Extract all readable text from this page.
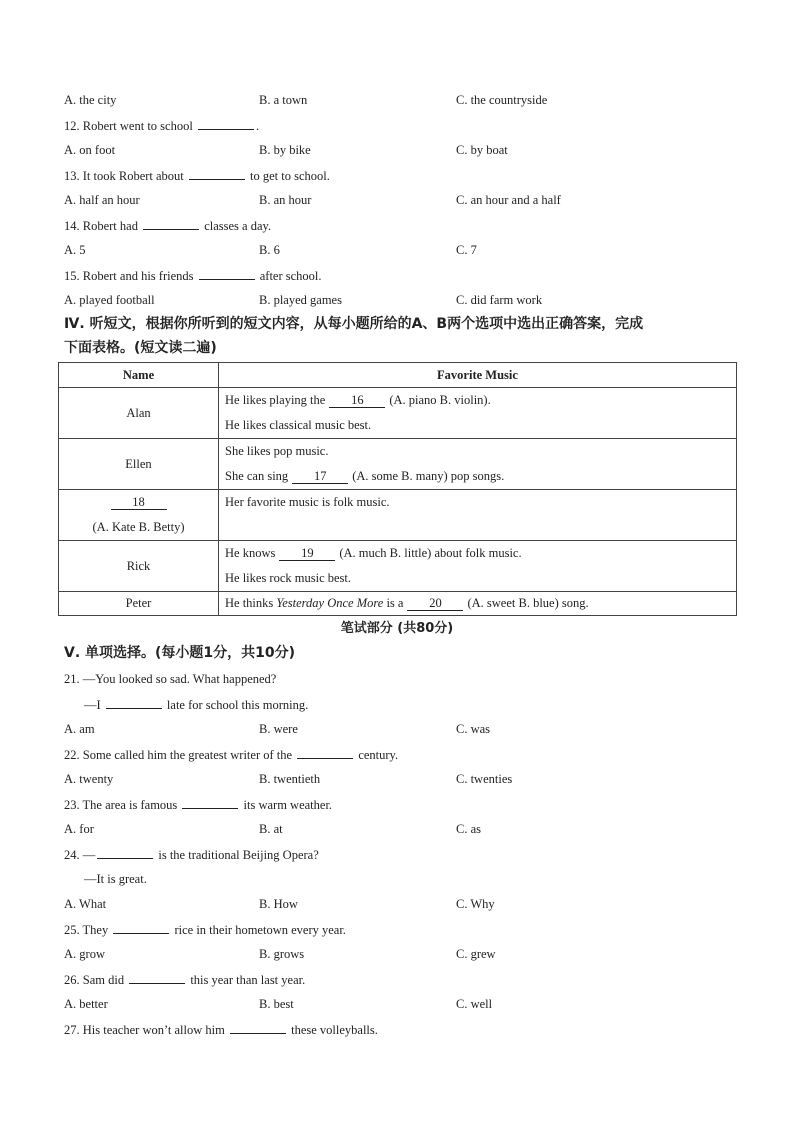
A. the city	B. a town	C. the countryside
12. Robert went to school	.
A. on foot	B. by bike	C. by boat
13. It took Robert about	to get to school.
A. half an hour	B. an hour	C. an hour and a half
14. Robert had	classes a day.
A. 5	B. 6	C. 7
15. Robert and his friends	after school.
A. played football	B. played games	C. did farm work
Ⅳ. 听短文，根据你所听到的短文内容，从每小题所给的A、B两个选项中选出正确答案，完成
下面表格。(短文读二遍)
Name	Favorite Music
Alan	He likes playing the 16 (A. piano B. violin).
He likes classical music best.

Ellen	She likes pop music.
She can sing 17 (A. some B. many) pop songs.

18
(A. Kate B. Betty)	Her favorite music is folk music.

Rick	He knows 19 (A. much B. little) about folk music.
He likes rock music best.

Peter	He thinks Yesterday Once More is a 20 (A. sweet B. blue) song.
笔试部分 (共80分)
Ⅴ. 单项选择。(每小题1分，共10分)
21. —You looked so sad. What happened?
—I	late for school this morning.
A. am	B. were	C. was
22. Some called him the greatest writer of the	century.
A. twenty	B. twentieth	C. twenties
23. The area is famous	its warm weather.
A. for	B. at	C. as
24. —	is the traditional Beijing Opera?
—It is great.
A. What	B. How	C. Why
25. They	rice in their hometown every year.
A. grow	B. grows	C. grew
26. Sam did	this year than last year.
A. better	B. best	C. well
27. His teacher won’t allow him	these volleyballs.
